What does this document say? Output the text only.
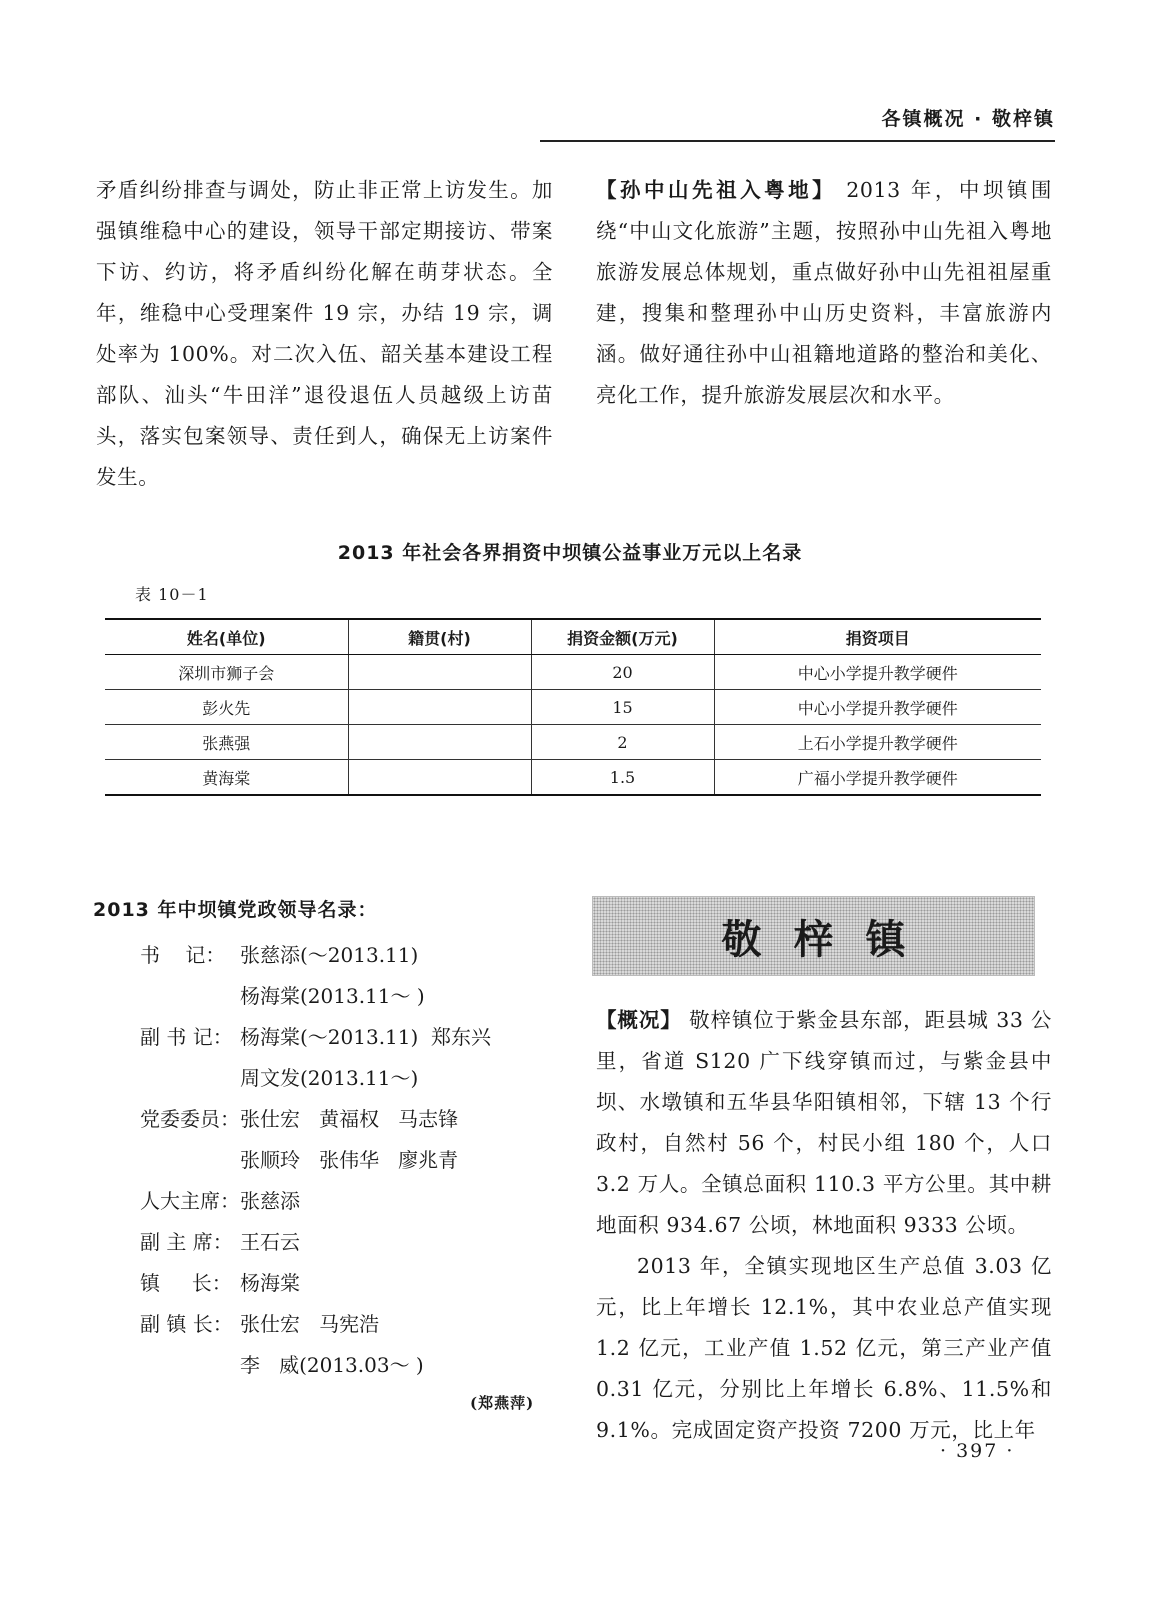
各镇概况 · 敬梓镇

矛盾纠纷排查与调处，防止非正常上访发生。加强镇维稳中心的建设，领导干部定期接访、带案下访、约访，将矛盾纠纷化解在萌芽状态。全年，维稳中心受理案件 19 宗，办结 19 宗，调处率为 100%。对二次入伍、韶关基本建设工程部队、汕头“牛田洋”退役退伍人员越级上访苗头，落实包案领导、责任到人，确保无上访案件发生。

【孙中山先祖入粤地】 2013 年，中坝镇围绕“中山文化旅游”主题，按照孙中山先祖入粤地旅游发展总体规划，重点做好孙中山先祖祖屋重建，搜集和整理孙中山历史资料，丰富旅游内涵。做好通往孙中山祖籍地道路的整治和美化、亮化工作，提升旅游发展层次和水平。

2013 年社会各界捐资中坝镇公益事业万元以上名录
表 10－1
姓名(单位)	籍贯(村)	捐资金额(万元)	捐资项目
深圳市狮子会		20	中心小学提升教学硬件
彭火先		15	中心小学提升教学硬件
张燕强		2	上石小学提升教学硬件
黄海棠		1.5	广福小学提升教学硬件
2013 年中坝镇党政领导名录：
书    记： 张慈添(～2013.11)
杨海棠(2013.11～ )
副 书 记： 杨海棠(～2013.11)  郑东兴
周文发(2013.11～)
党委委员： 张仕宏   黄福权   马志锋
张顺玲   张伟华   廖兆青
人大主席： 张慈添
副 主 席： 王石云
镇     长： 杨海棠
副 镇 长： 张仕宏   马宪浩
李   威(2013.03～ )
(郑燕萍)
敬梓镇

【概况】 敬梓镇位于紫金县东部，距县城 33 公里，省道 S120 广下线穿镇而过，与紫金县中坝、水墩镇和五华县华阳镇相邻，下辖 13 个行政村，自然村 56 个，村民小组 180 个，人口 3.2 万人。全镇总面积 110.3 平方公里。其中耕地面积 934.67 公顷，林地面积 9333 公顷。

2013 年，全镇实现地区生产总值 3.03 亿元，比上年增长 12.1%，其中农业总产值实现 1.2 亿元，工业产值 1.52 亿元，第三产业产值 0.31 亿元，分别比上年增长 6.8%、11.5%和 9.1%。完成固定资产投资 7200 万元，比上年

· 397 ·
